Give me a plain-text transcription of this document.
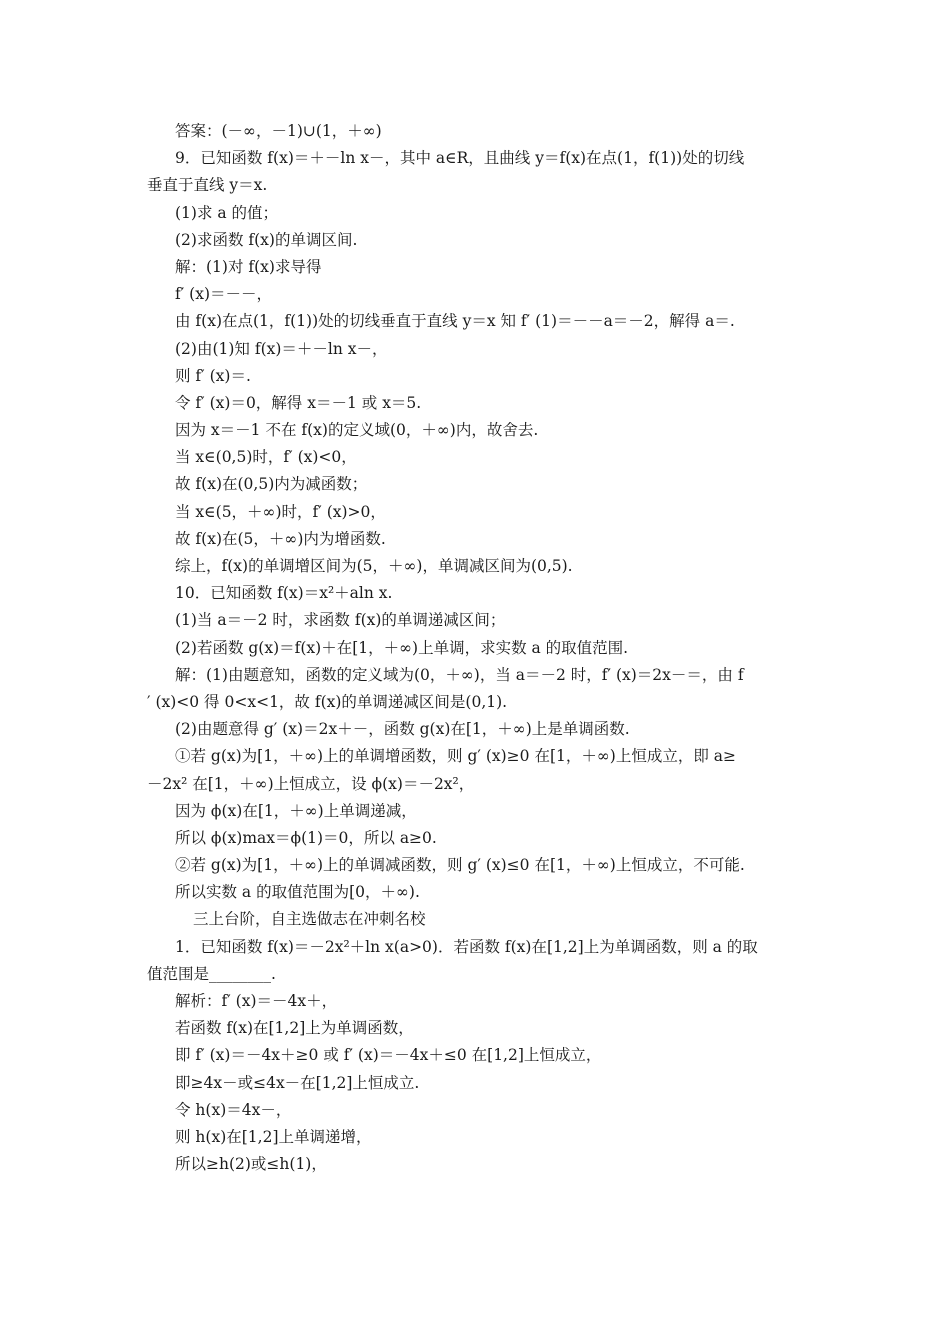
答案：(－∞，－1)∪(1，＋∞)
9．已知函数 f(x)＝＋－ln x－，其中 a∈R，且曲线 y＝f(x)在点(1，f(1))处的切线
垂直于直线 y＝x.
(1)求 a 的值；
(2)求函数 f(x)的单调区间.
解：(1)对 f(x)求导得
f′ (x)＝－－，
由 f(x)在点(1，f(1))处的切线垂直于直线 y＝x 知 f′ (1)＝－－a＝－2，解得 a＝.
(2)由(1)知 f(x)＝＋－ln x－，
则 f′ (x)＝.
令 f′ (x)＝0，解得 x＝－1 或 x＝5.
因为 x＝－1 不在 f(x)的定义域(0，＋∞)内，故舍去.
当 x∈(0,5)时，f′ (x)<0，
故 f(x)在(0,5)内为减函数；
当 x∈(5，＋∞)时，f′ (x)>0，
故 f(x)在(5，＋∞)内为增函数.
综上，f(x)的单调增区间为(5，＋∞)，单调减区间为(0,5).
10．已知函数 f(x)＝x²＋aln x.
(1)当 a＝－2 时，求函数 f(x)的单调递减区间；
(2)若函数 g(x)＝f(x)＋在[1，＋∞)上单调，求实数 a 的取值范围.
解：(1)由题意知，函数的定义域为(0，＋∞)，当 a＝－2 时，f′ (x)＝2x－＝，由 f
′ (x)<0 得 0<x<1，故 f(x)的单调递减区间是(0,1).
(2)由题意得 g′ (x)＝2x＋－，函数 g(x)在[1，＋∞)上是单调函数.
①若 g(x)为[1，＋∞)上的单调增函数，则 g′ (x)≥0 在[1，＋∞)上恒成立，即 a≥
－2x² 在[1，＋∞)上恒成立，设 ϕ(x)＝－2x²，
因为 ϕ(x)在[1，＋∞)上单调递减，
所以 ϕ(x)max＝ϕ(1)＝0，所以 a≥0.
②若 g(x)为[1，＋∞)上的单调减函数，则 g′ (x)≤0 在[1，＋∞)上恒成立，不可能.
所以实数 a 的取值范围为[0，＋∞).
三上台阶，自主选做志在冲刺名校
1．已知函数 f(x)＝－2x²＋ln x(a>0)．若函数 f(x)在[1,2]上为单调函数，则 a 的取
值范围是________.
解析：f′ (x)＝－4x＋，
若函数 f(x)在[1,2]上为单调函数，
即 f′ (x)＝－4x＋≥0 或 f′ (x)＝－4x＋≤0 在[1,2]上恒成立，
即≥4x－或≤4x－在[1,2]上恒成立.
令 h(x)＝4x－，
则 h(x)在[1,2]上单调递增，
所以≥h(2)或≤h(1)，
